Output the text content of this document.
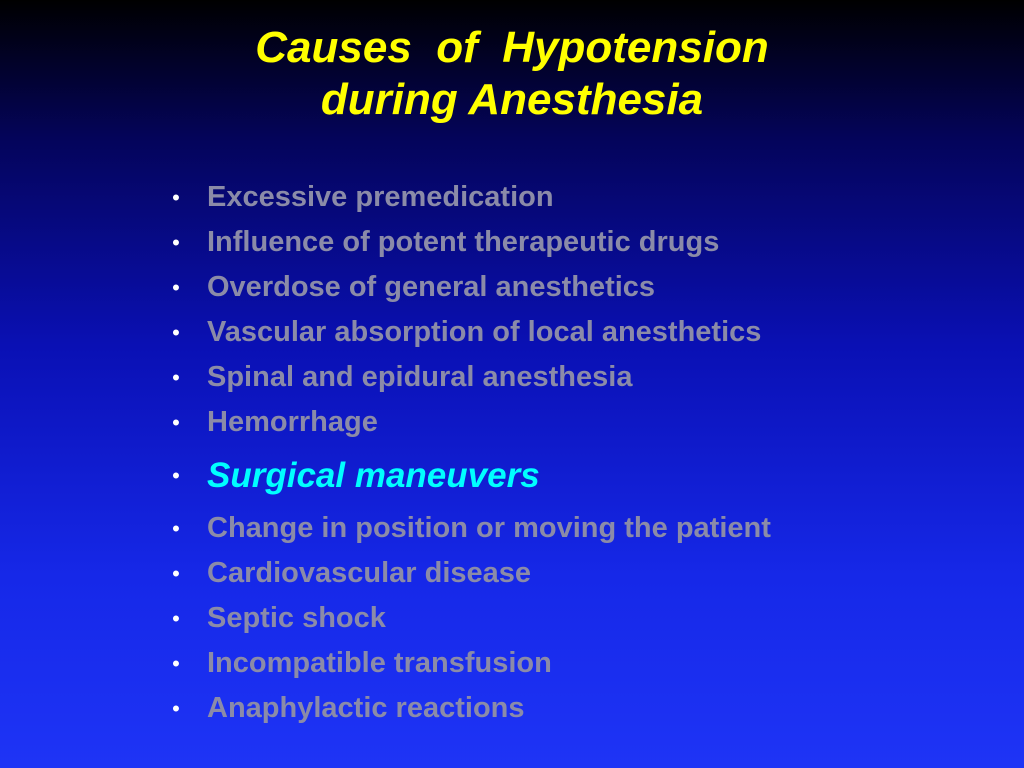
Causes  of  Hypotension
during Anesthesia
• Excessive premedication
• Influence of potent therapeutic drugs
• Overdose of general anesthetics
• Vascular absorption of local anesthetics
• Spinal and epidural anesthesia
• Hemorrhage
• Surgical maneuvers
• Change in position or moving the patient
• Cardiovascular disease
• Septic shock
• Incompatible transfusion
• Anaphylactic reactions
